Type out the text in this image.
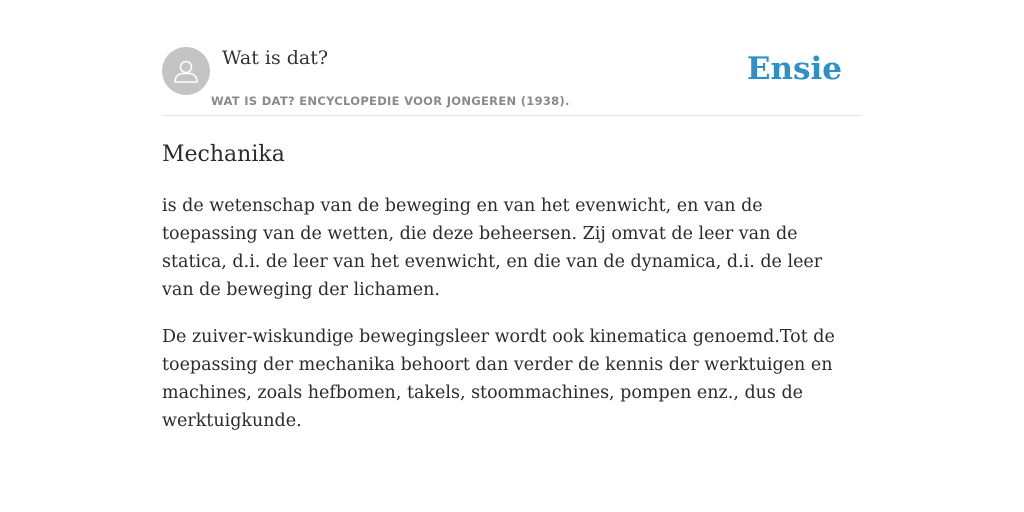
Wat is dat?
WAT IS DAT? ENCYCLOPEDIE VOOR JONGEREN (1938).
Ensie
Mechanika

is de wetenschap van de beweging en van het evenwicht, en van de toepassing van de wetten, die deze beheersen. Zij omvat de leer van de statica, d.i. de leer van het evenwicht, en die van de dynamica, d.i. de leer van de beweging der lichamen.

De zuiver-wiskundige bewegingsleer wordt ook kinematica genoemd.Tot de toepassing der mechanika behoort dan verder de kennis der werktuigen en machines, zoals hefbomen, takels, stoommachines, pompen enz., dus de werktuigkunde.
